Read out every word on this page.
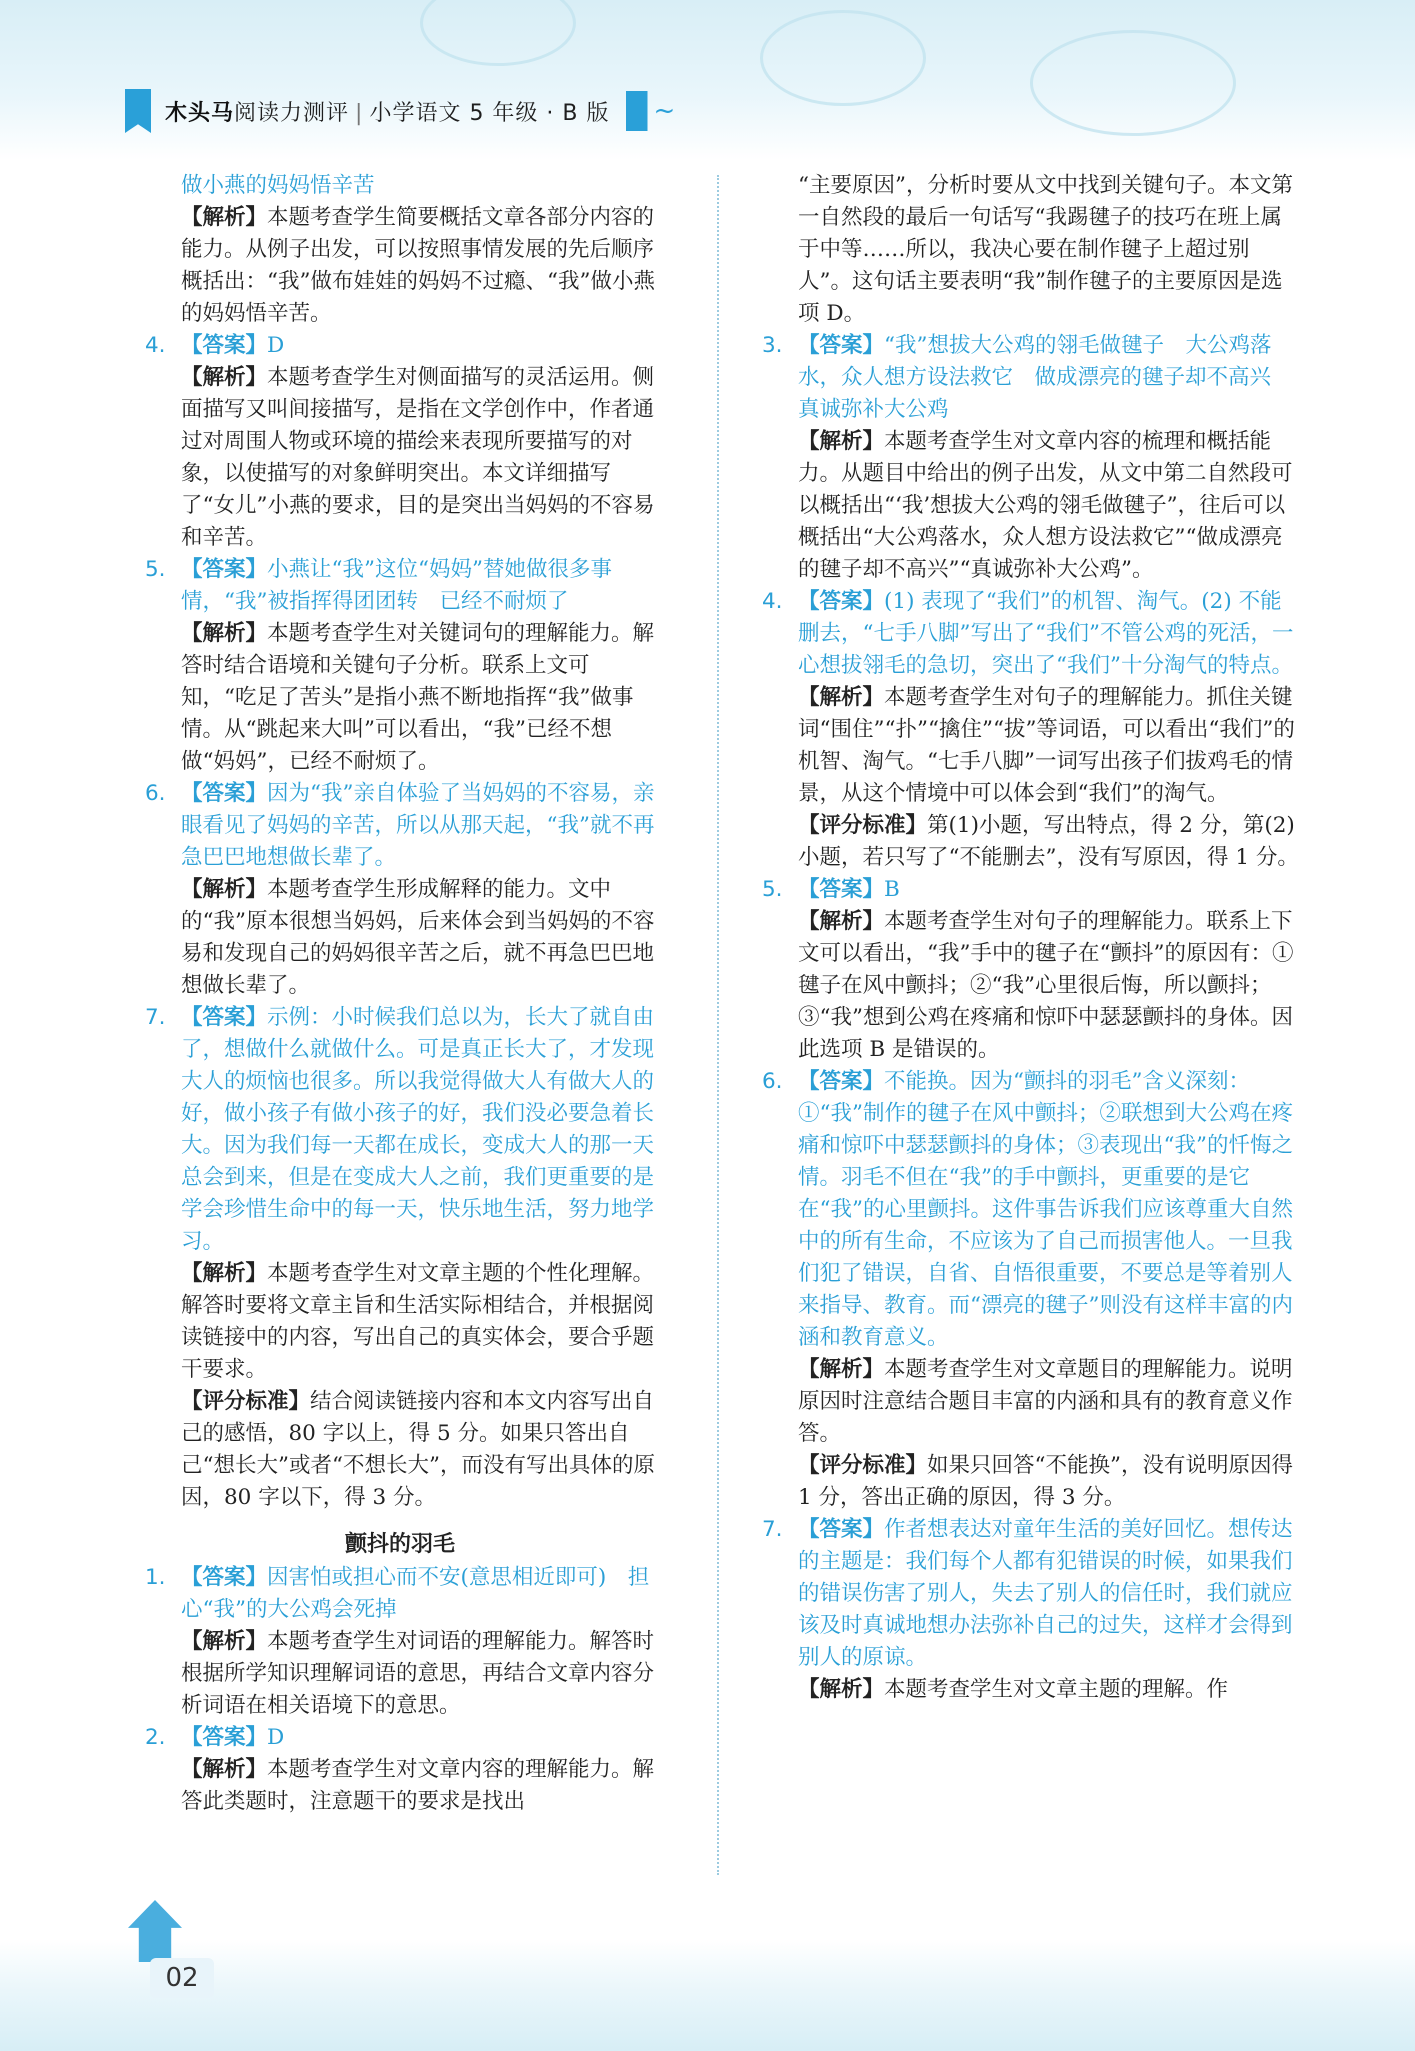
木头马阅读力测评 | 小学语文 5 年级 · B 版 ~

做小燕的妈妈悟辛苦

【解析】本题考查学生简要概括文章各部分内容的能力。从例子出发，可以按照事情发展的先后顺序概括出：“我”做布娃娃的妈妈不过瘾、“我”做小燕的妈妈悟辛苦。

4. 【答案】D
【解析】本题考查学生对侧面描写的灵活运用。侧面描写又叫间接描写，是指在文学创作中，作者通过对周围人物或环境的描绘来表现所要描写的对象，以使描写的对象鲜明突出。本文详细描写了“女儿”小燕的要求，目的是突出当妈妈的不容易和辛苦。
5. 【答案】小燕让“我”这位“妈妈”替她做很多事情，“我”被指挥得团团转　已经不耐烦了
【解析】本题考查学生对关键词句的理解能力。解答时结合语境和关键句子分析。联系上文可知，“吃足了苦头”是指小燕不断地指挥“我”做事情。从“跳起来大叫”可以看出，“我”已经不想做“妈妈”，已经不耐烦了。
6. 【答案】因为“我”亲自体验了当妈妈的不容易，亲眼看见了妈妈的辛苦，所以从那天起，“我”就不再急巴巴地想做长辈了。
【解析】本题考查学生形成解释的能力。文中的“我”原本很想当妈妈，后来体会到当妈妈的不容易和发现自己的妈妈很辛苦之后，就不再急巴巴地想做长辈了。
7. 【答案】示例：小时候我们总以为，长大了就自由了，想做什么就做什么。可是真正长大了，才发现大人的烦恼也很多。所以我觉得做大人有做大人的好，做小孩子有做小孩子的好，我们没必要急着长大。因为我们每一天都在成长，变成大人的那一天总会到来，但是在变成大人之前，我们更重要的是学会珍惜生命中的每一天，快乐地生活，努力地学习。
【解析】本题考查学生对文章主题的个性化理解。解答时要将文章主旨和生活实际相结合，并根据阅读链接中的内容，写出自己的真实体会，要合乎题干要求。
【评分标准】结合阅读链接内容和本文内容写出自己的感悟，80 字以上，得 5 分。如果只答出自己“想长大”或者“不想长大”，而没有写出具体的原因，80 字以下，得 3 分。
颤抖的羽毛
1. 【答案】因害怕或担心而不安(意思相近即可)　担心“我”的大公鸡会死掉
【解析】本题考查学生对词语的理解能力。解答时根据所学知识理解词语的意思，再结合文章内容分析词语在相关语境下的意思。
2. 【答案】D
【解析】本题考查学生对文章内容的理解能力。解答此类题时，注意题干的要求是找出

“主要原因”，分析时要从文中找到关键句子。本文第一自然段的最后一句话写“我踢毽子的技巧在班上属于中等……所以，我决心要在制作毽子上超过别人”。这句话主要表明“我”制作毽子的主要原因是选项 D。

3. 【答案】“我”想拔大公鸡的翎毛做毽子　大公鸡落水，众人想方设法救它　做成漂亮的毽子却不高兴　真诚弥补大公鸡
【解析】本题考查学生对文章内容的梳理和概括能力。从题目中给出的例子出发，从文中第二自然段可以概括出“‘我’想拔大公鸡的翎毛做毽子”，往后可以概括出“大公鸡落水，众人想方设法救它”“做成漂亮的毽子却不高兴”“真诚弥补大公鸡”。
4. 【答案】(1) 表现了“我们”的机智、淘气。(2) 不能删去，“七手八脚”写出了“我们”不管公鸡的死活，一心想拔翎毛的急切，突出了“我们”十分淘气的特点。
【解析】本题考查学生对句子的理解能力。抓住关键词“围住”“扑”“擒住”“拔”等词语，可以看出“我们”的机智、淘气。“七手八脚”一词写出孩子们拔鸡毛的情景，从这个情境中可以体会到“我们”的淘气。
【评分标准】第(1)小题，写出特点，得 2 分，第(2)小题，若只写了“不能删去”，没有写原因，得 1 分。
5. 【答案】B
【解析】本题考查学生对句子的理解能力。联系上下文可以看出，“我”手中的毽子在“颤抖”的原因有：①毽子在风中颤抖；②“我”心里很后悔，所以颤抖；③“我”想到公鸡在疼痛和惊吓中瑟瑟颤抖的身体。因此选项 B 是错误的。
6. 【答案】不能换。因为“颤抖的羽毛”含义深刻：①“我”制作的毽子在风中颤抖；②联想到大公鸡在疼痛和惊吓中瑟瑟颤抖的身体；③表现出“我”的忏悔之情。羽毛不但在“我”的手中颤抖，更重要的是它在“我”的心里颤抖。这件事告诉我们应该尊重大自然中的所有生命，不应该为了自己而损害他人。一旦我们犯了错误，自省、自悟很重要，不要总是等着别人来指导、教育。而“漂亮的毽子”则没有这样丰富的内涵和教育意义。
【解析】本题考查学生对文章题目的理解能力。说明原因时注意结合题目丰富的内涵和具有的教育意义作答。
【评分标准】如果只回答“不能换”，没有说明原因得 1 分，答出正确的原因，得 3 分。
7. 【答案】作者想表达对童年生活的美好回忆。想传达的主题是：我们每个人都有犯错误的时候，如果我们的错误伤害了别人，失去了别人的信任时，我们就应该及时真诚地想办法弥补自己的过失，这样才会得到别人的原谅。
【解析】本题考查学生对文章主题的理解。作
02
